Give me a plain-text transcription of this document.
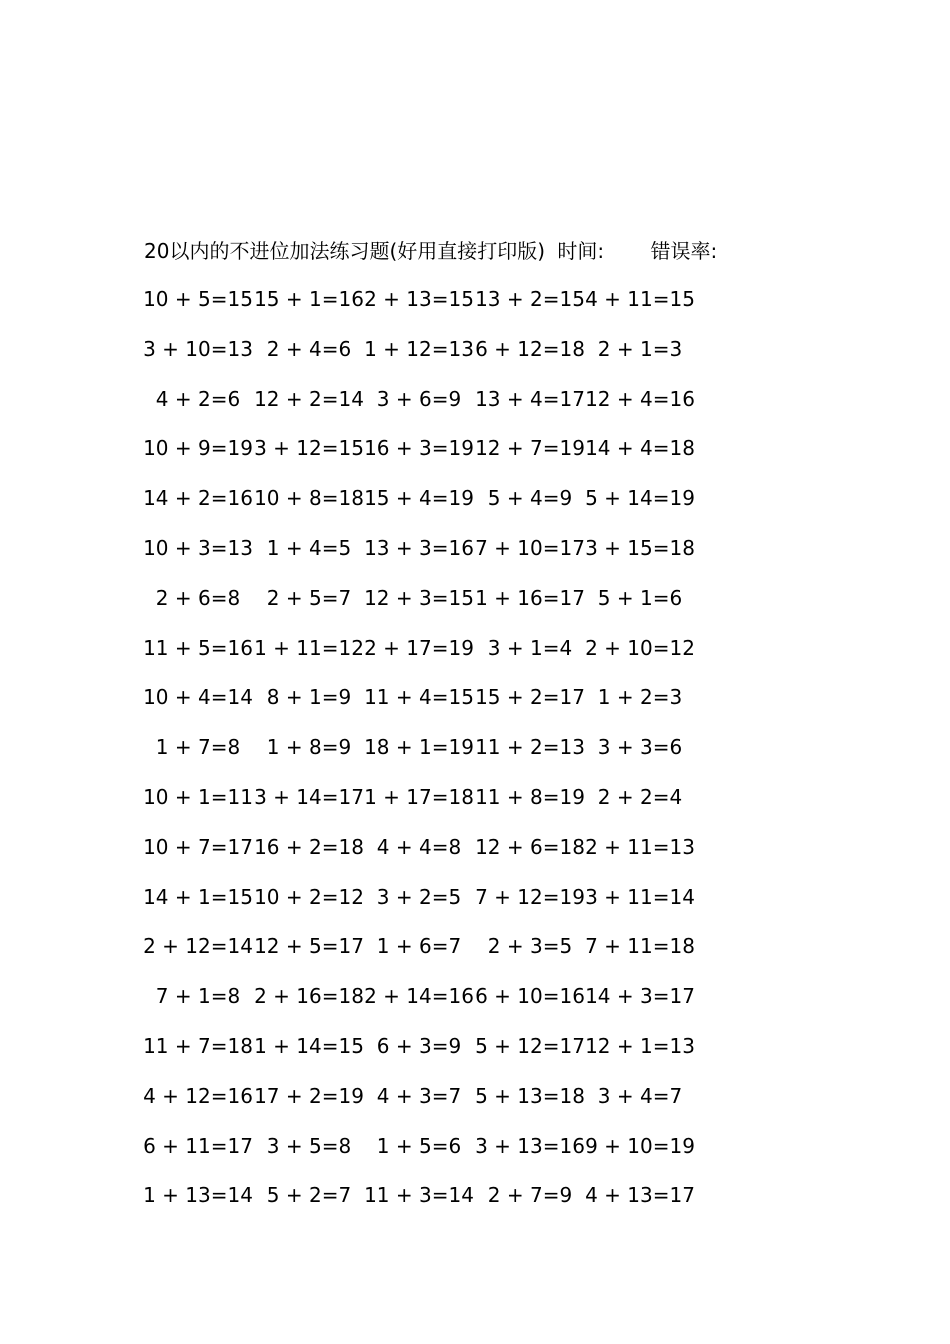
20以内的不进位加法练习题(好用直接打印版) 时间: 错误率:
10 + 5=15 15 + 1=16 2 + 13=15 13 + 2=15 4 + 11=15
3 + 10=13 2 + 4=6 1 + 12=13 6 + 12=18 2 + 1=3
4 + 2=6 12 + 2=14 3 + 6=9 13 + 4=17 12 + 4=16
10 + 9=19 3 + 12=15 16 + 3=19 12 + 7=19 14 + 4=18
14 + 2=16 10 + 8=18 15 + 4=19 5 + 4=9 5 + 14=19
10 + 3=13 1 + 4=5 13 + 3=16 7 + 10=17 3 + 15=18
2 + 6=8	2 + 5=7 12 + 3=15 1 + 16=17 5 + 1=6
11 + 5=16 1 + 11=12 2 + 17=19 3 + 1=4 2 + 10=12
10 + 4=14 8 + 1=9 11 + 4=15 15 + 2=17 1 + 2=3
1 + 7=8	1 + 8=9 18 + 1=19 11 + 2=13 3 + 3=6
10 + 1=11 3 + 14=17 1 + 17=18 11 + 8=19 2 + 2=4
10 + 7=17 16 + 2=18 4 + 4=8 12 + 6=18 2 + 11=13
14 + 1=15 10 + 2=12 3 + 2=5 7 + 12=19 3 + 11=14
2 + 12=14 12 + 5=17 1 + 6=7	2 + 3=5 7 + 11=18
7 + 1=8 2 + 16=18 2 + 14=16 6 + 10=16 14 + 3=17
11 + 7=18 1 + 14=15 6 + 3=9 5 + 12=17 12 + 1=13
4 + 12=16 17 + 2=19 4 + 3=7 5 + 13=18 3 + 4=7
6 + 11=17 3 + 5=8	1 + 5=6 3 + 13=16 9 + 10=19
1 + 13=14 5 + 2=7 11 + 3=14 2 + 7=9 4 + 13=17
